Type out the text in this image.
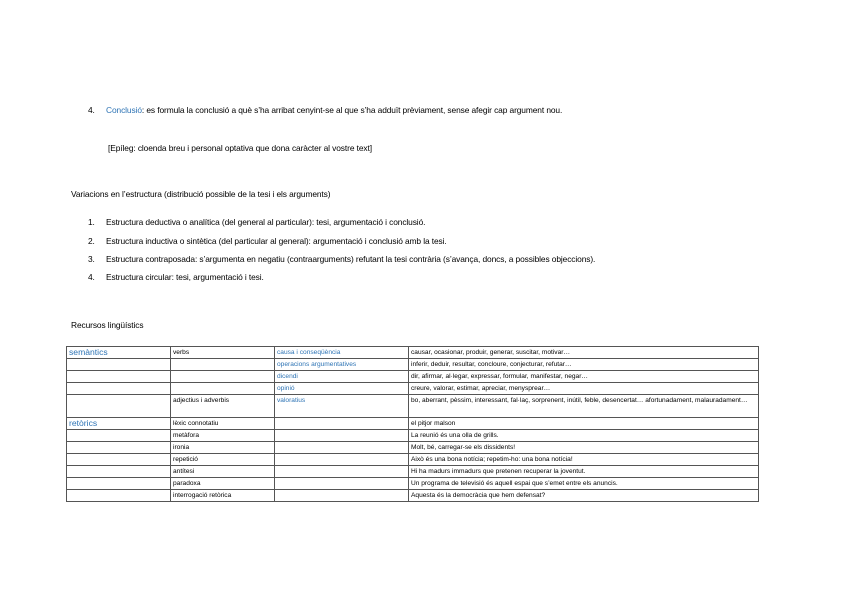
4. Conclusió: es formula la conclusió a què s’ha arribat cenyint-se al que s’ha adduït prèviament, sense afegir cap argument nou.
[Epíleg: cloenda breu i personal optativa que dona caràcter al vostre text]
Variacions en l’estructura (distribució possible de la tesi i els arguments)
1. Estructura deductiva o analítica (del general al particular): tesi, argumentació i conclusió.
2. Estructura inductiva o sintètica (del particular al general): argumentació i conclusió amb la tesi.
3. Estructura contraposada: s’argumenta en negatiu (contraarguments) refutant la tesi contrària (s’avança, doncs, a possibles objeccions).
4. Estructura circular: tesi, argumentació i tesi.
Recursos lingüístics
semàntics	verbs	causa i conseqüència	causar, ocasionar, produir, generar, suscitar, motivar…
		operacions argumentatives	inferir, deduir, resultar, concloure, conjecturar, refutar…
		dicendi	dir, afirmar, al·legar, expressar, formular, manifestar, negar…
		opinió	creure, valorar, estimar, apreciar, menysprear…
	adjectius i adverbis	valoratius	bo, aberrant, pèssim, interessant, fal·laç, sorprenent, inútil, feble, desencertat… afortunadament, malauradament…
retòrics	lèxic connotatiu		el pitjor malson
	metàfora		La reunió és una olla de grills.
	ironia		Molt, bé, carregar-se els dissidents!
	repetició		Això és una bona notícia; repetim-ho: una bona notícia!
	antítesi		Hi ha madurs immadurs que pretenen recuperar la joventut.
	paradoxa		Un programa de televisió és aquell espai que s’emet entre els anuncis.
	interrogació retòrica		Aquesta és la democràcia que hem defensat?
